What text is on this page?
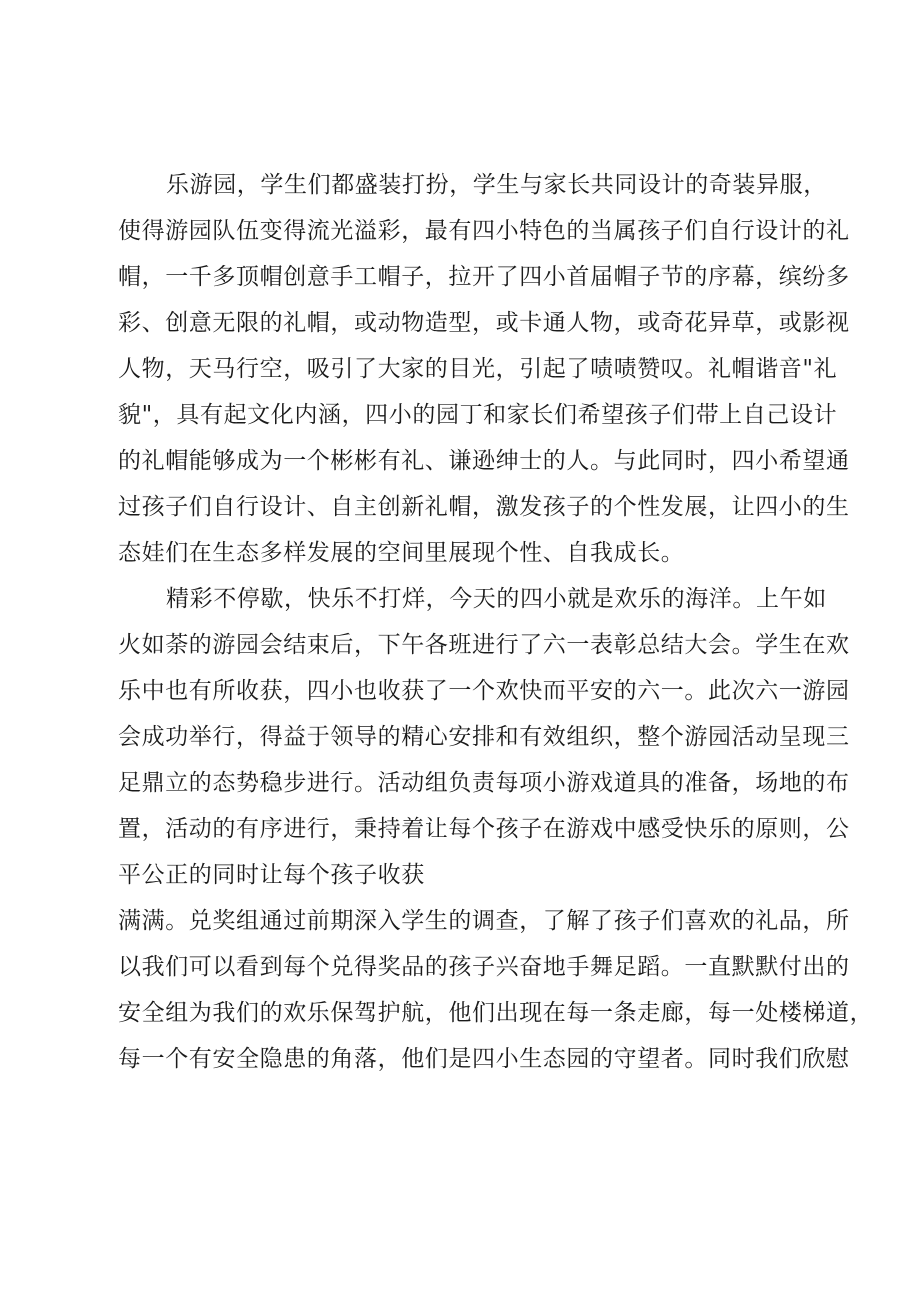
乐游园，学生们都盛装打扮，学生与家长共同设计的奇装异服，
使得游园队伍变得流光溢彩，最有四小特色的当属孩子们自行设计的礼
帽，一千多顶帽创意手工帽子，拉开了四小首届帽子节的序幕，缤纷多
彩、创意无限的礼帽，或动物造型，或卡通人物，或奇花异草，或影视
人物，天马行空，吸引了大家的目光，引起了啧啧赞叹。礼帽谐音"礼
貌"，具有起文化内涵，四小的园丁和家长们希望孩子们带上自己设计
的礼帽能够成为一个彬彬有礼、谦逊绅士的人。与此同时，四小希望通
过孩子们自行设计、自主创新礼帽，激发孩子的个性发展，让四小的生
态娃们在生态多样发展的空间里展现个性、自我成长。
精彩不停歇，快乐不打烊，今天的四小就是欢乐的海洋。上午如
火如荼的游园会结束后，下午各班进行了六一表彰总结大会。学生在欢
乐中也有所收获，四小也收获了一个欢快而平安的六一。此次六一游园
会成功举行，得益于领导的精心安排和有效组织，整个游园活动呈现三
足鼎立的态势稳步进行。活动组负责每项小游戏道具的准备，场地的布
置，活动的有序进行，秉持着让每个孩子在游戏中感受快乐的原则，公
平公正的同时让每个孩子收获
满满。兑奖组通过前期深入学生的调查，了解了孩子们喜欢的礼品，所
以我们可以看到每个兑得奖品的孩子兴奋地手舞足蹈。一直默默付出的
安全组为我们的欢乐保驾护航，他们出现在每一条走廊，每一处楼梯道，
每一个有安全隐患的角落，他们是四小生态园的守望者。同时我们欣慰
